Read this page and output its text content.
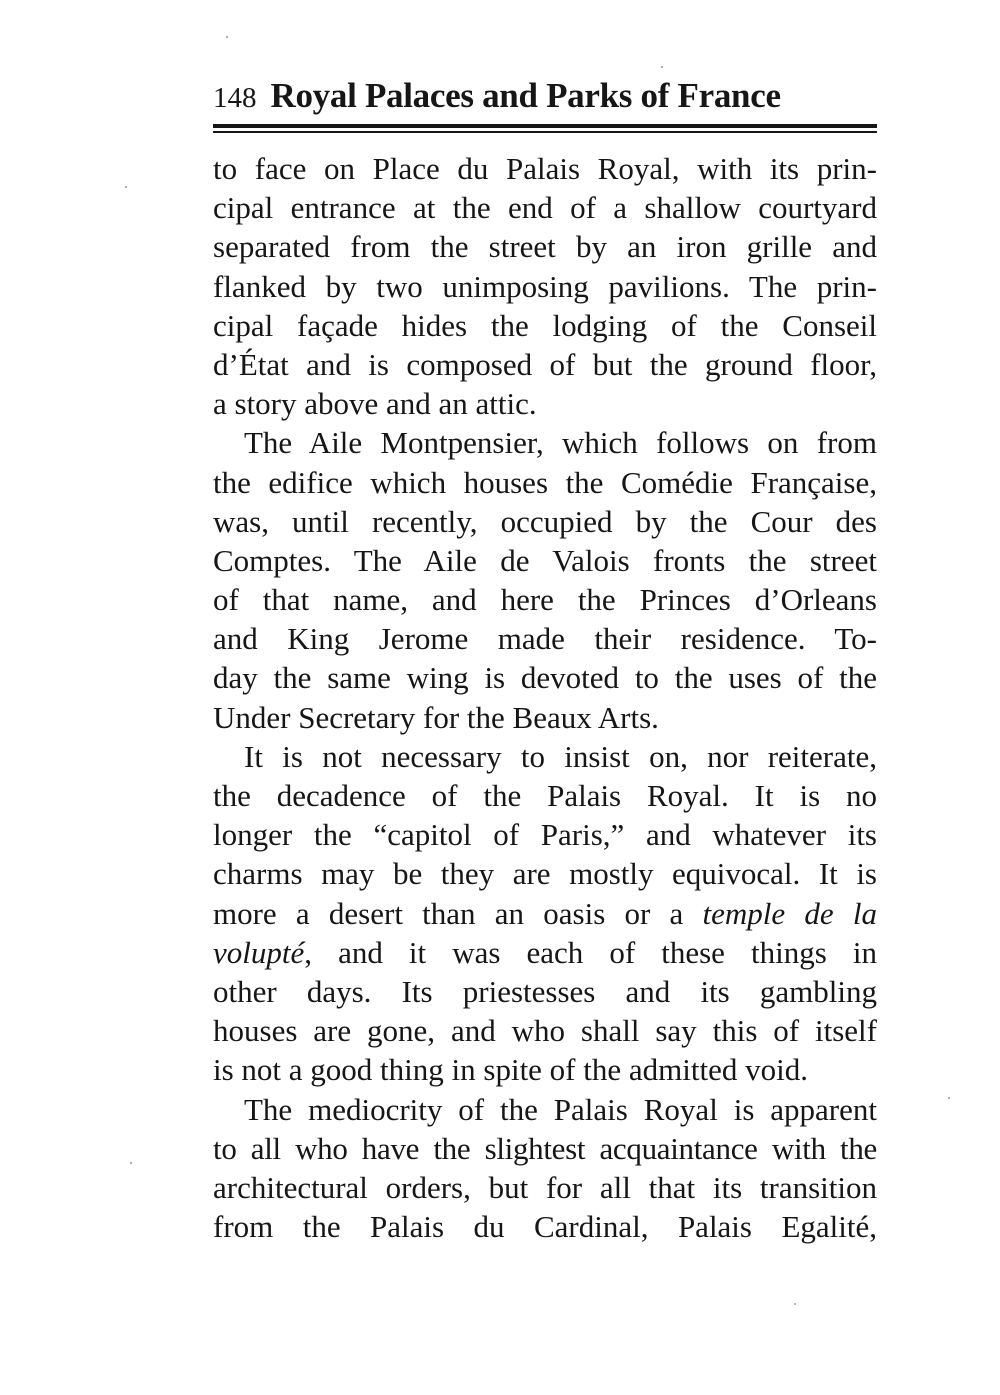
148 Royal Palaces and Parks of France
to face on Place du Palais Royal, with its prin-
cipal entrance at the end of a shallow courtyard
separated from the street by an iron grille and
flanked by two unimposing pavilions. The prin-
cipal façade hides the lodging of the Conseil
d’État and is composed of but the ground floor,
a story above and an attic.
The Aile Montpensier, which follows on from
the edifice which houses the Comédie Française,
was, until recently, occupied by the Cour des
Comptes. The Aile de Valois fronts the street
of that name, and here the Princes d’Orleans
and King Jerome made their residence. To-
day the same wing is devoted to the uses of the
Under Secretary for the Beaux Arts.
It is not necessary to insist on, nor reiterate,
the decadence of the Palais Royal. It is no
longer the “capitol of Paris,” and whatever its
charms may be they are mostly equivocal. It is
more a desert than an oasis or a temple de la
volupté, and it was each of these things in
other days. Its priestesses and its gambling
houses are gone, and who shall say this of itself
is not a good thing in spite of the admitted void.
The mediocrity of the Palais Royal is apparent
to all who have the slightest acquaintance with the
architectural orders, but for all that its transition
from the Palais du Cardinal, Palais Egalité,
